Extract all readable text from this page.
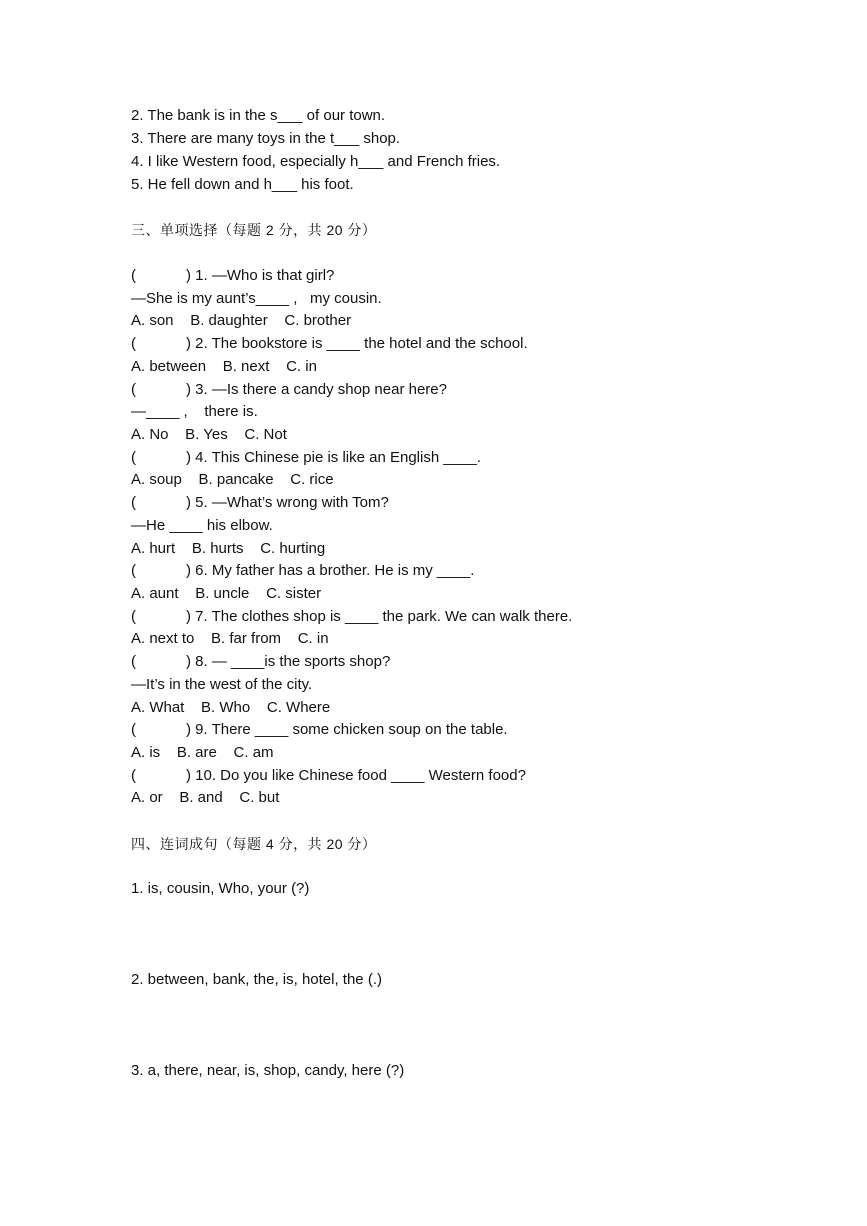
2. The bank is in the s___ of our town.
3. There are many toys in the t___ shop.
4. I like Western food, especially h___ and French fries.
5. He fell down and h___ his foot.
三、单项选择（每题 2 分，共 20 分）
(            ) 1. —Who is that girl?
—She is my aunt’s____ ,   my cousin.
A. son    B. daughter    C. brother
(            ) 2. The bookstore is ____ the hotel and the school.
A. between    B. next    C. in
(            ) 3. —Is there a candy shop near here?
—____ ,    there is.
A. No    B. Yes    C. Not
(            ) 4. This Chinese pie is like an English ____.
A. soup    B. pancake    C. rice
(            ) 5. —What’s wrong with Tom?
—He ____ his elbow.
A. hurt    B. hurts    C. hurting
(            ) 6. My father has a brother. He is my ____.
A. aunt    B. uncle    C. sister
(            ) 7. The clothes shop is ____ the park. We can walk there.
A. next to    B. far from    C. in
(            ) 8. — ____is the sports shop?
—It’s in the west of the city.
A. What    B. Who    C. Where
(            ) 9. There ____ some chicken soup on the table.
A. is    B. are    C. am
(            ) 10. Do you like Chinese food ____ Western food?
A. or    B. and    C. but
四、连词成句（每题 4 分，共 20 分）
1. is, cousin, Who, your (?)
2. between, bank, the, is, hotel, the (.)
3. a, there, near, is, shop, candy, here (?)
